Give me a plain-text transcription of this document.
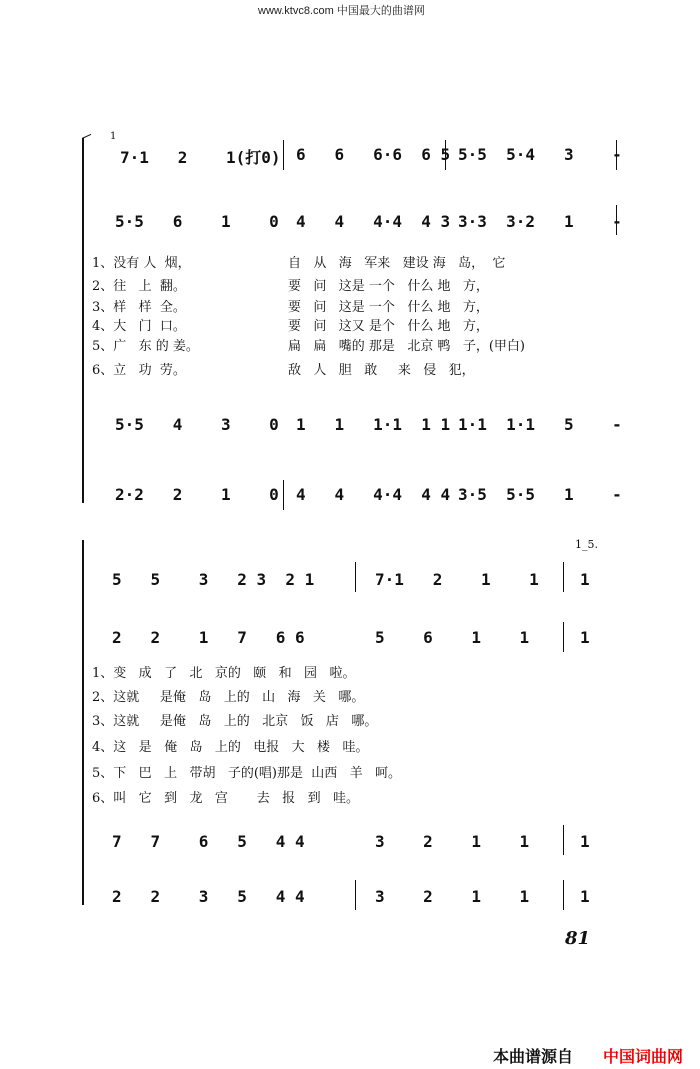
www.ktvc8.com 中国最大的曲谱网
1
7·1   2    1(打0) 6   6   6·6  6 5 5·5  5·4   3    -
5·5   6    1    0 4   4   4·4  4 3 3·3  3·2   1    -
1、没有 人  烟，
2、往   上  翻。
3、样   样  全。
4、大   门  口。
5、广   东 的 姜。
6、立   功  劳。
自   从   海   军来   建设 海   岛，  它
要   问   这是 一个   什么 地   方，
要   问   这是 一个   什么 地   方，
要   问   这又 是个   什么 地   方，
扁   扁   嘴的 那是   北京 鸭   子，(甲白)
敌   人   胆   敢     来   侵   犯，
5·5   4    3    0 1   1   1·1  1 1 1·1  1·1   5    -
2·2   2    1    0 4   4   4·4  4 4 3·5  5·5   1    -
1_5.
5   5    3   2 3  2 1	7·1   2    1    1	1
2   2    1   7   6 6	5    6    1    1	1
1、变   成   了   北   京的   颐   和   园   啦。
2、这就     是俺   岛   上的   山   海   关   哪。
3、这就     是俺   岛   上的   北京   饭   店   哪。
4、这   是   俺   岛   上的   电报   大   楼   哇。
5、下   巴   上   带胡   子的(唱)那是  山西   羊   呵。
6、叫   它   到   龙   宫       去   报   到   哇。
7   7    6   5   4 4	3    2    1    1	1
2   2    3   5   4 4	3    2    1    1	1
81
本曲谱源自 中国词曲网
